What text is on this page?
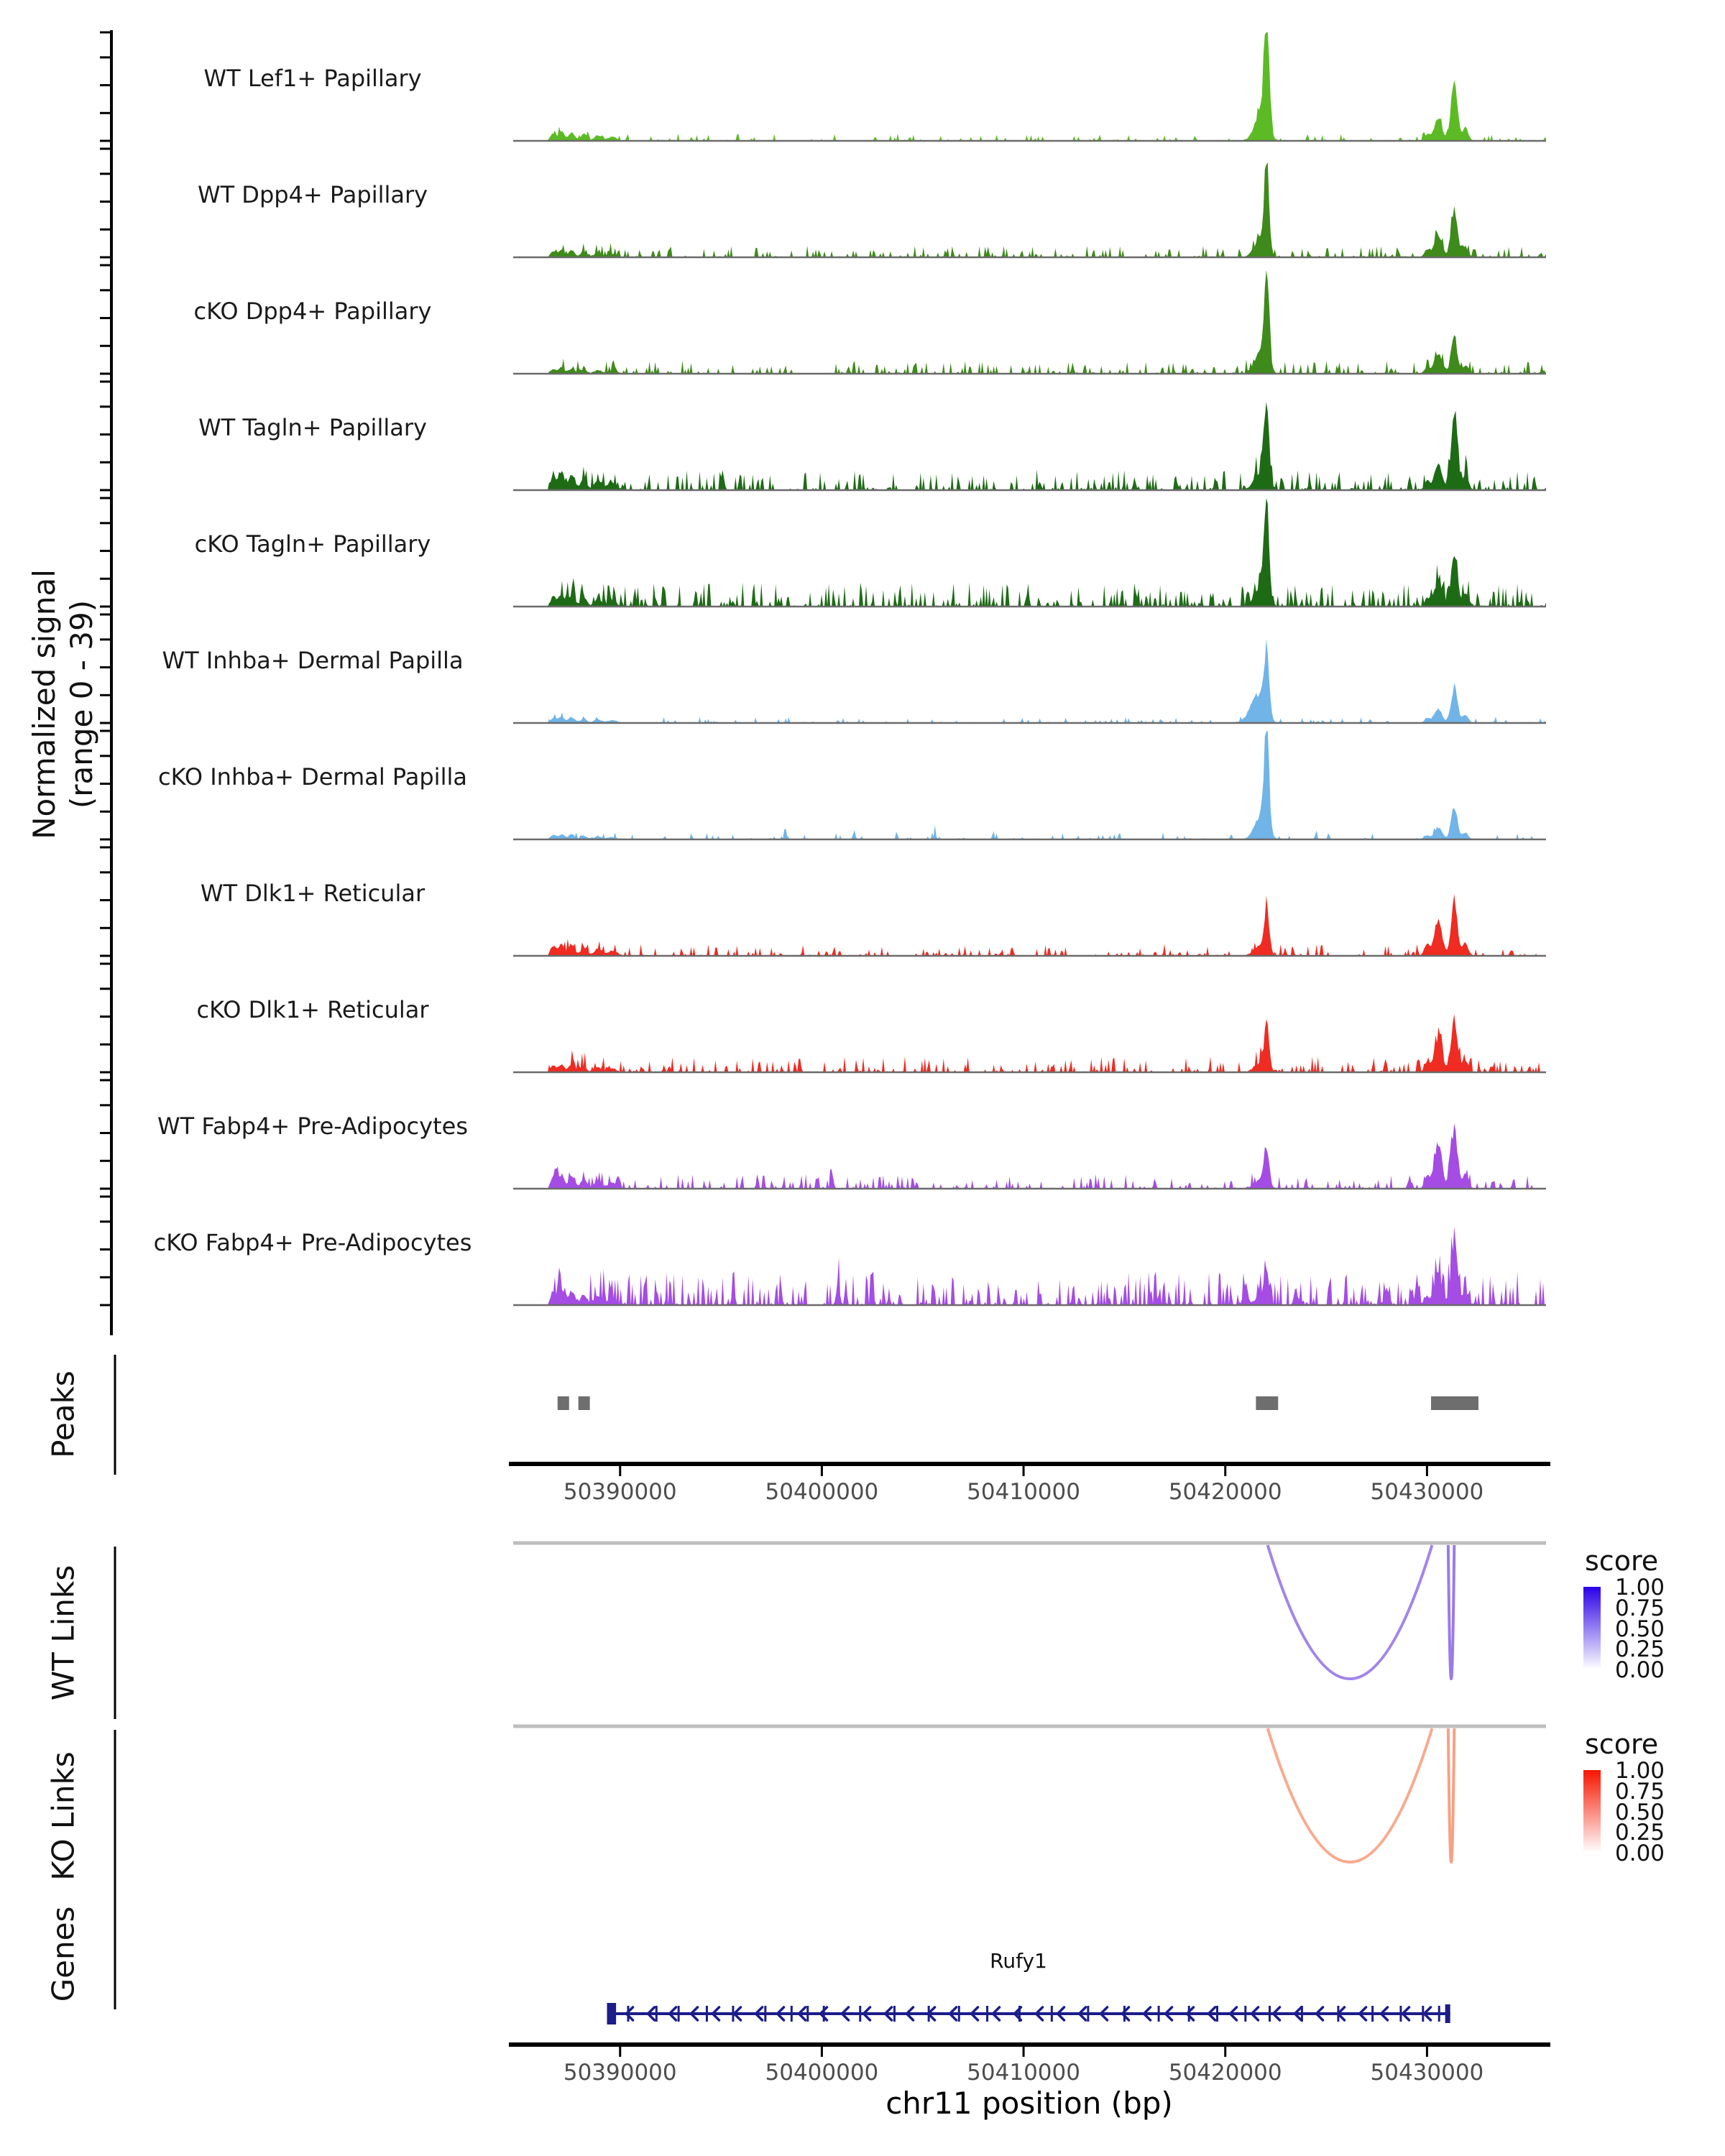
Normalized signal (range 0 - 39)
Peaks
WT Links
KO Links
Genes
score
score
1.00
0.75
0.50
0.25
0.00
1.00
0.75
0.50
0.25
0.00
Rufy1
chr11 position (bp)
WT Lef1+ Papillary
WT Dpp4+ Papillary
cKO Dpp4+ Papillary
WT Tagln+ Papillary
cKO Tagln+ Papillary
WT Inhba+ Dermal Papilla
cKO Inhba+ Dermal Papilla
WT Dlk1+ Reticular
cKO Dlk1+ Reticular
WT Fabp4+ Pre-Adipocytes
cKO Fabp4+ Pre-Adipocytes
50390000	50400000	50410000	50420000	50430000
50390000	50400000	50410000	50420000	50430000
